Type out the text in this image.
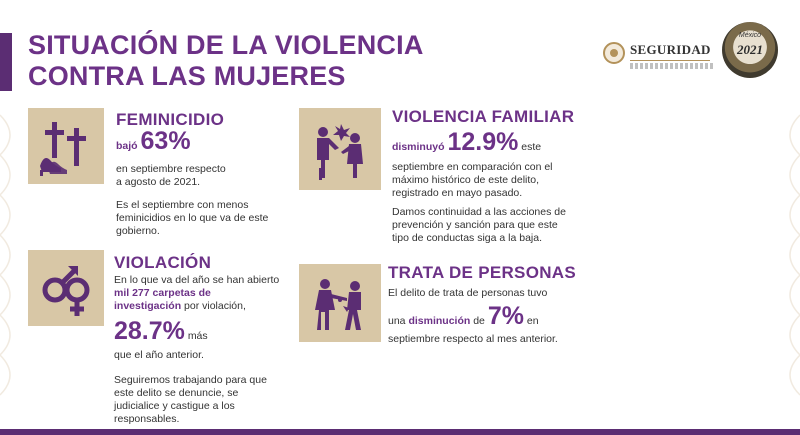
SITUACIÓN DE LA VIOLENCIA
CONTRA LAS MUJERES
SEGURIDAD
México
2021
FEMINICIDIO
bajó 63%
en septiembre respecto
a agosto de 2021.
Es el septiembre con menos
feminicidios en lo que va de este
gobierno.
VIOLACIÓN
En lo que va del año se han abierto
mil 277 carpetas de
investigación por violación,
28.7% más
que el año anterior.
Seguiremos trabajando para que
este delito se denuncie, se
judicialice y castigue a los
responsables.
VIOLENCIA FAMILIAR
disminuyó 12.9% este
septiembre en comparación con el
máximo histórico de este delito,
registrado en mayo pasado.
Damos continuidad a las acciones de
prevención y sanción para que este
tipo de conductas siga a la baja.
TRATA DE PERSONAS
El delito de trata de personas tuvo
una disminución de 7% en
septiembre respecto al mes anterior.
